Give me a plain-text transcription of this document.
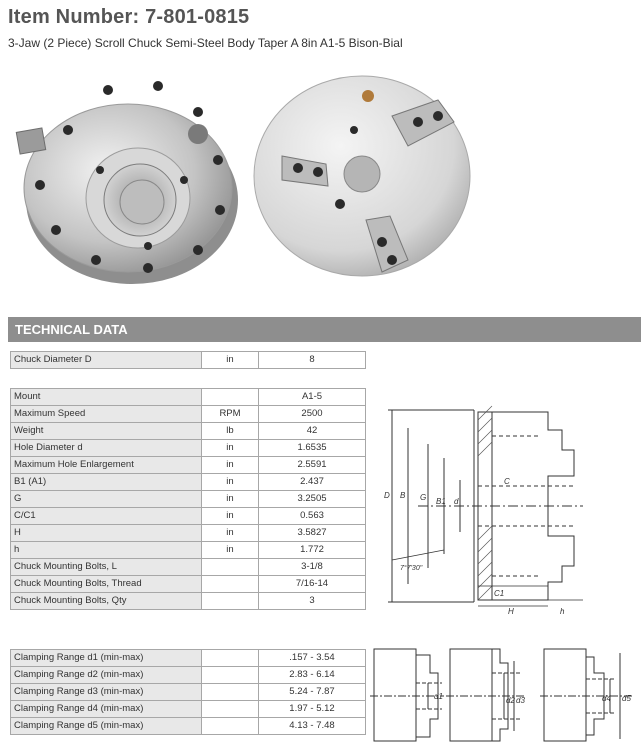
Item Number: 7-801-0815
3-Jaw (2 Piece) Scroll Chuck Semi-Steel Body Taper A 8in A1-5 Bison-Bial
TECHNICAL DATA
Chuck Diameter D	in	8
Mount		A1-5
Maximum Speed	RPM	2500
Weight	lb	42
Hole Diameter d	in	1.6535
Maximum Hole Enlargement	in	2.5591
B1 (A1)	in	2.437
G	in	3.2505
C/C1	in	0.563
H	in	3.5827
h	in	1.772
Chuck Mounting Bolts, L		3-1/8
Chuck Mounting Bolts, Thread		7/16-14
Chuck Mounting Bolts, Qty		3
Clamping Range d1 (min-max)		.157 - 3.54
Clamping Range d2 (min-max)		2.83 - 6.14
Clamping Range d3 (min-max)		5.24 - 7.87
Clamping Range d4 (min-max)		1.97 - 5.12
Clamping Range d5 (min-max)		4.13 - 7.48
D B G B1 d
C
C1
H	h
7°7'30"
d1	d2 d3	d4 d5
